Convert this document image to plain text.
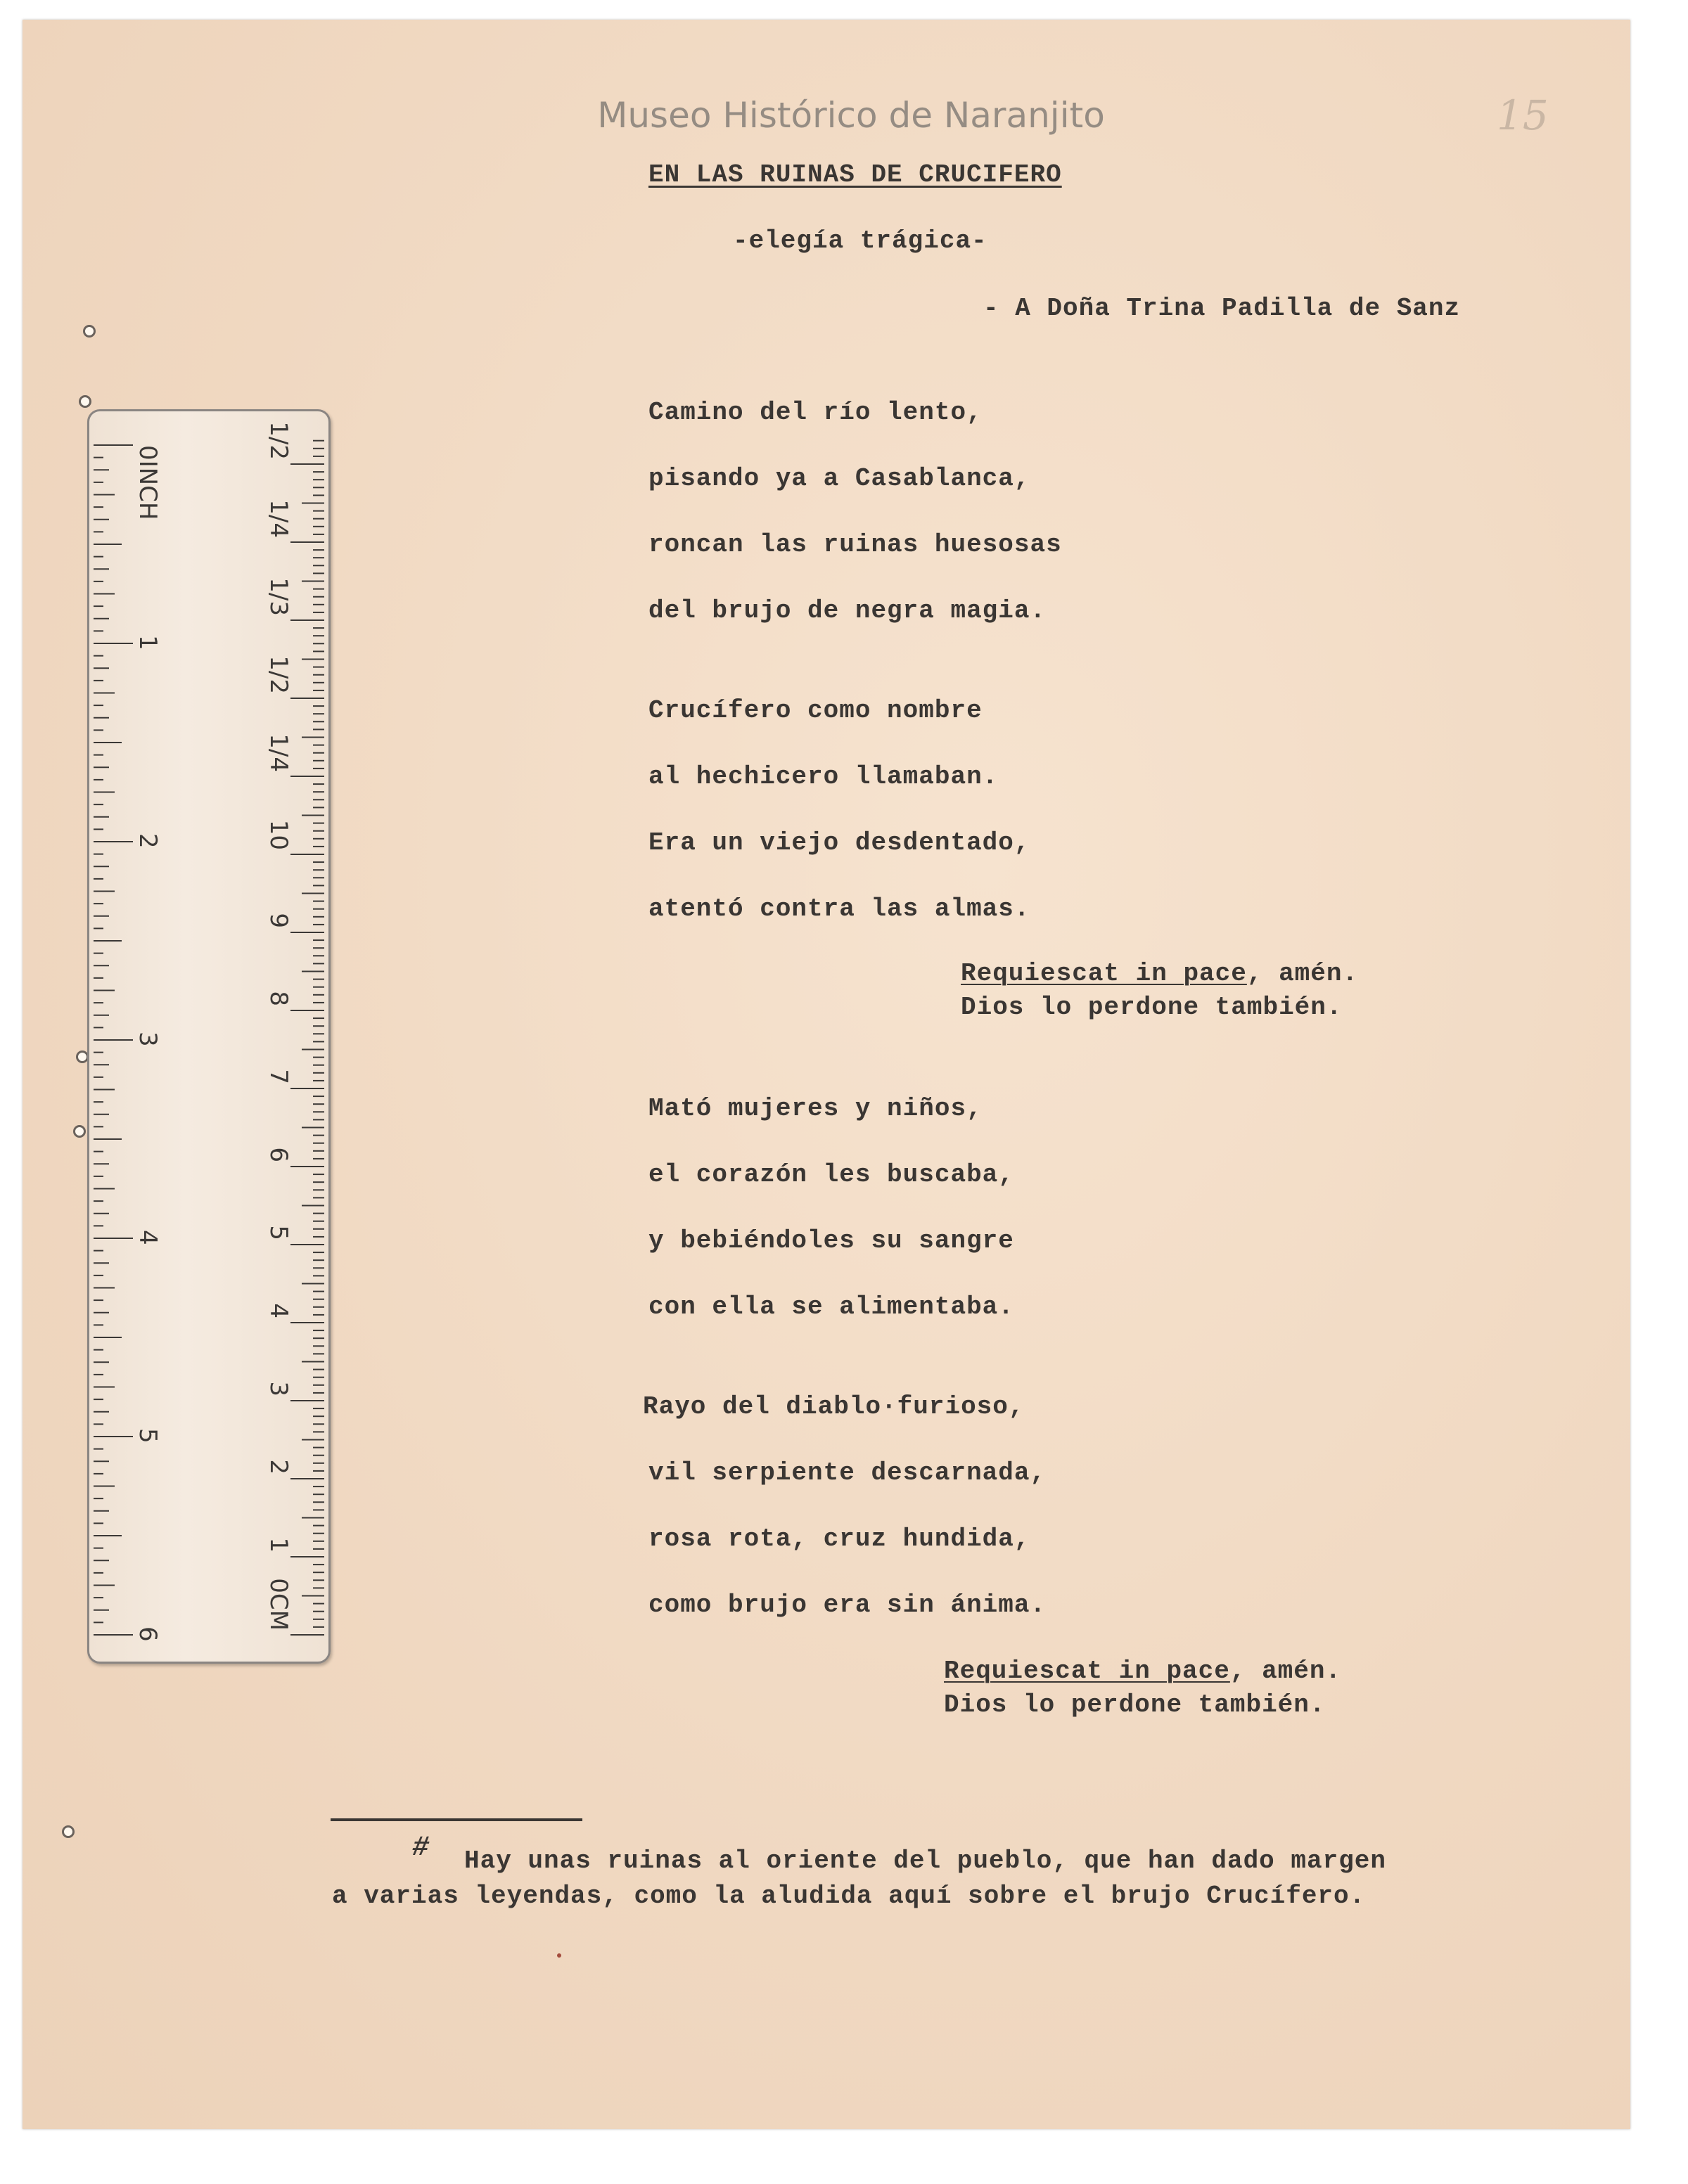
Museo Histórico de Naranjito	15
EN LAS RUINAS DE CRUCIFERO
-elegía trágica-
- A Doña Trina Padilla de Sanz
Camino del río lento,
pisando ya a Casablanca,
roncan las ruinas huesosas
del brujo de negra magia.
Crucífero como nombre
al hechicero llamaban.
Era un viejo desdentado,
atentó contra las almas.
Requiescat in pace, amén.
Dios lo perdone también.
Mató mujeres y niños,
el corazón les buscaba,
y bebiéndoles su sangre
con ella se alimentaba.
Rayo del diablo·furioso,
vil serpiente descarnada,
rosa rota, cruz hundida,
como brujo era sin ánima.
Requiescat in pace, amén.
Dios lo perdone también.
# Hay unas ruinas al oriente del pueblo, que han dado margen
a varias leyendas, como la aludida aquí sobre el brujo Crucífero.
0INCH
1
2
3
4
5
6
0CM
1
2
3
4
5
6
7
8
9
10
1/4
1/2
1/3
1/4
1/2
